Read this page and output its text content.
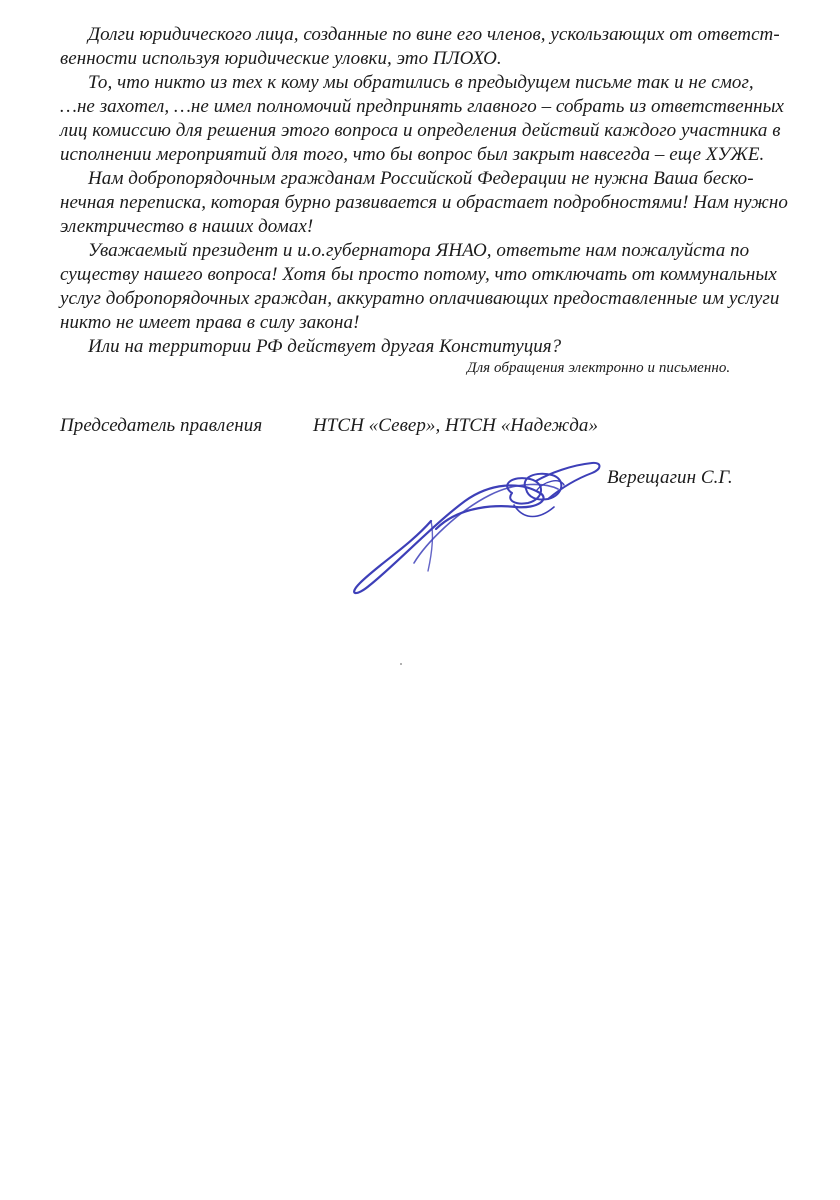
Долги юридического лица, созданные по вине его членов, ускользающих от ответст-
венности используя юридические уловки, это ПЛОХО.
То, что никто из тех к кому мы обратились в предыдущем письме так и не смог,
…не захотел, …не имел полномочий предпринять главного – собрать из ответственных
лиц комиссию для решения этого вопроса и определения действий каждого участника в
исполнении мероприятий для того, что бы вопрос был закрыт навсегда – еще ХУЖЕ.
Нам добропорядочным гражданам Российской Федерации не нужна Ваша беско-
нечная переписка, которая бурно развивается и обрастает подробностями! Нам нужно
электричество в наших домах!
Уважаемый президент и и.о.губернатора ЯНАО, ответьте нам пожалуйста по
существу нашего вопроса! Хотя бы просто потому, что отключать от коммунальных
услуг добропорядочных граждан, аккуратно оплачивающих предоставленные им услуги
никто не имеет права в силу закона!
Или на территории РФ действует другая Конституция?
Для обращения электронно и письменно.
Председатель правления	НТСН «Север», НТСН «Надежда»
Верещагин С.Г.
